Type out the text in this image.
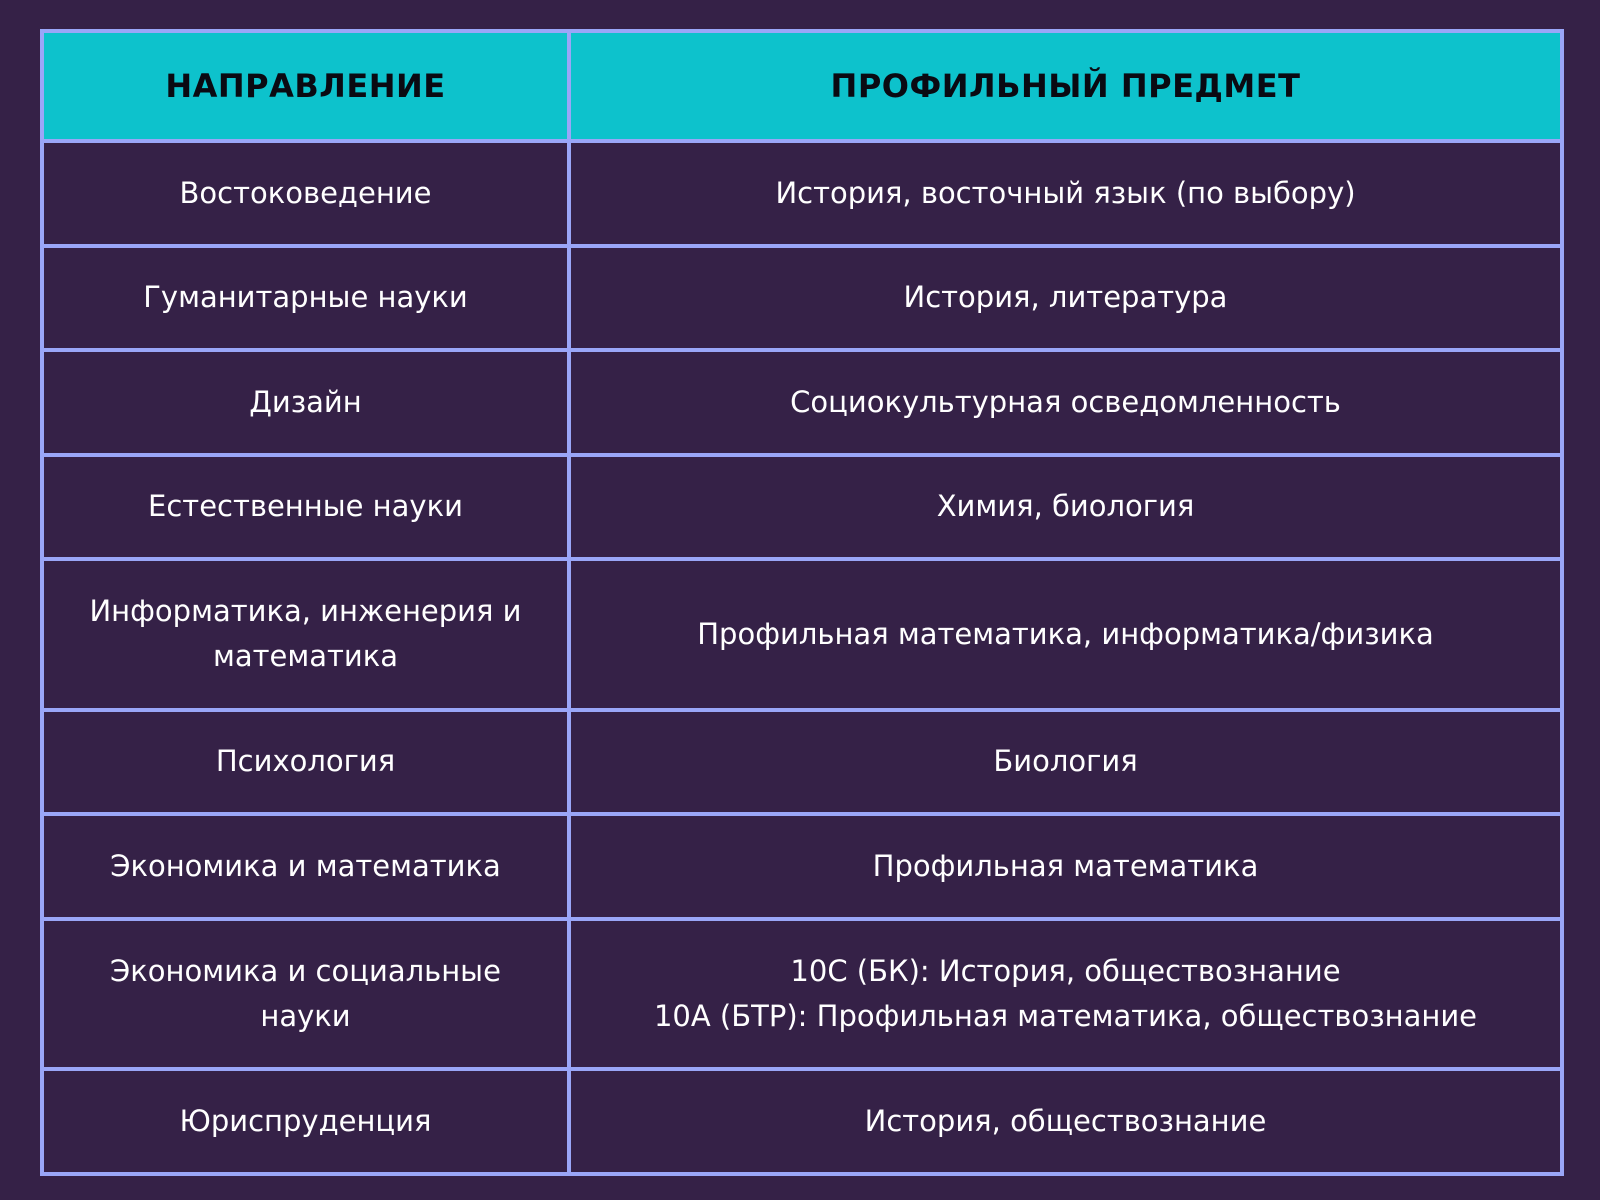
НАПРАВЛЕНИЕ	ПРОФИЛЬНЫЙ ПРЕДМЕТ
Востоковедение	История, восточный язык (по выбору)
Гуманитарные науки	История, литература
Дизайн	Социокультурная осведомленность
Естественные науки	Химия, биология
Информатика, инженерия и математика	Профильная математика, информатика/физика
Психология	Биология
Экономика и математика	Профильная математика
Экономика и социальные науки	10С (БК): История, обществознание
10А (БТР): Профильная математика, обществознание

Юриспруденция	История, обществознание
